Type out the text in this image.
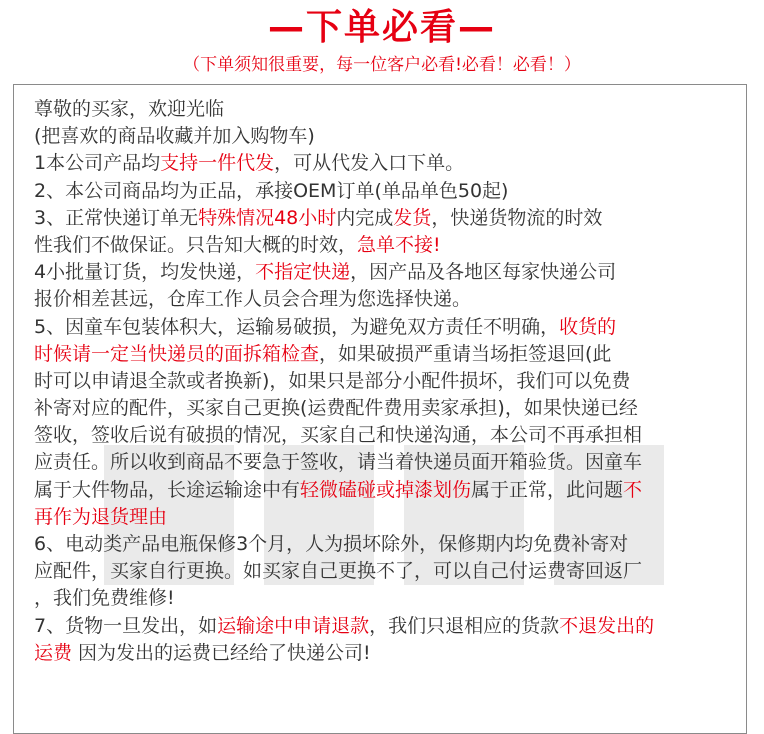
—下单必看—
（下单须知很重要，每一位客户必看!必看！必看！）
尊敬的买家，欢迎光临
(把喜欢的商品收藏并加入购物车)
1本公司产品均支持一件代发，可从代发入口下单。
2、本公司商品均为正品，承接OEM订单(单品单色50起)
3、正常快递订单无特殊情况48小时内完成发货，快递货物流的时效
性我们不做保证。只告知大概的时效，急单不接!
4小批量订货，均发快递，不指定快递，因产品及各地区每家快递公司
报价相差甚远，仓库工作人员会合理为您选择快递。
5、因童车包装体积大，运输易破损，为避免双方责任不明确，收货的
时候请一定当快递员的面拆箱检查，如果破损严重请当场拒签退回(此
时可以申请退全款或者换新)，如果只是部分小配件损坏，我们可以免费
补寄对应的配件，买家自己更换(运费配件费用卖家承担)，如果快递已经
签收，签收后说有破损的情况，买家自己和快递沟通，本公司不再承担相
应责任。所以收到商品不要急于签收，请当着快递员面开箱验货。因童车
属于大件物品，长途运输途中有轻微磕碰或掉漆划伤属于正常，此问题不
再作为退货理由
6、电动类产品电瓶保修3个月，人为损坏除外，保修期内均免费补寄对
应配件，买家自行更换。如买家自己更换不了，可以自己付运费寄回返厂
，我们免费维修!
7、货物一旦发出，如运输途中申请退款，我们只退相应的货款不退发出的
运费 因为发出的运费已经给了快递公司!
